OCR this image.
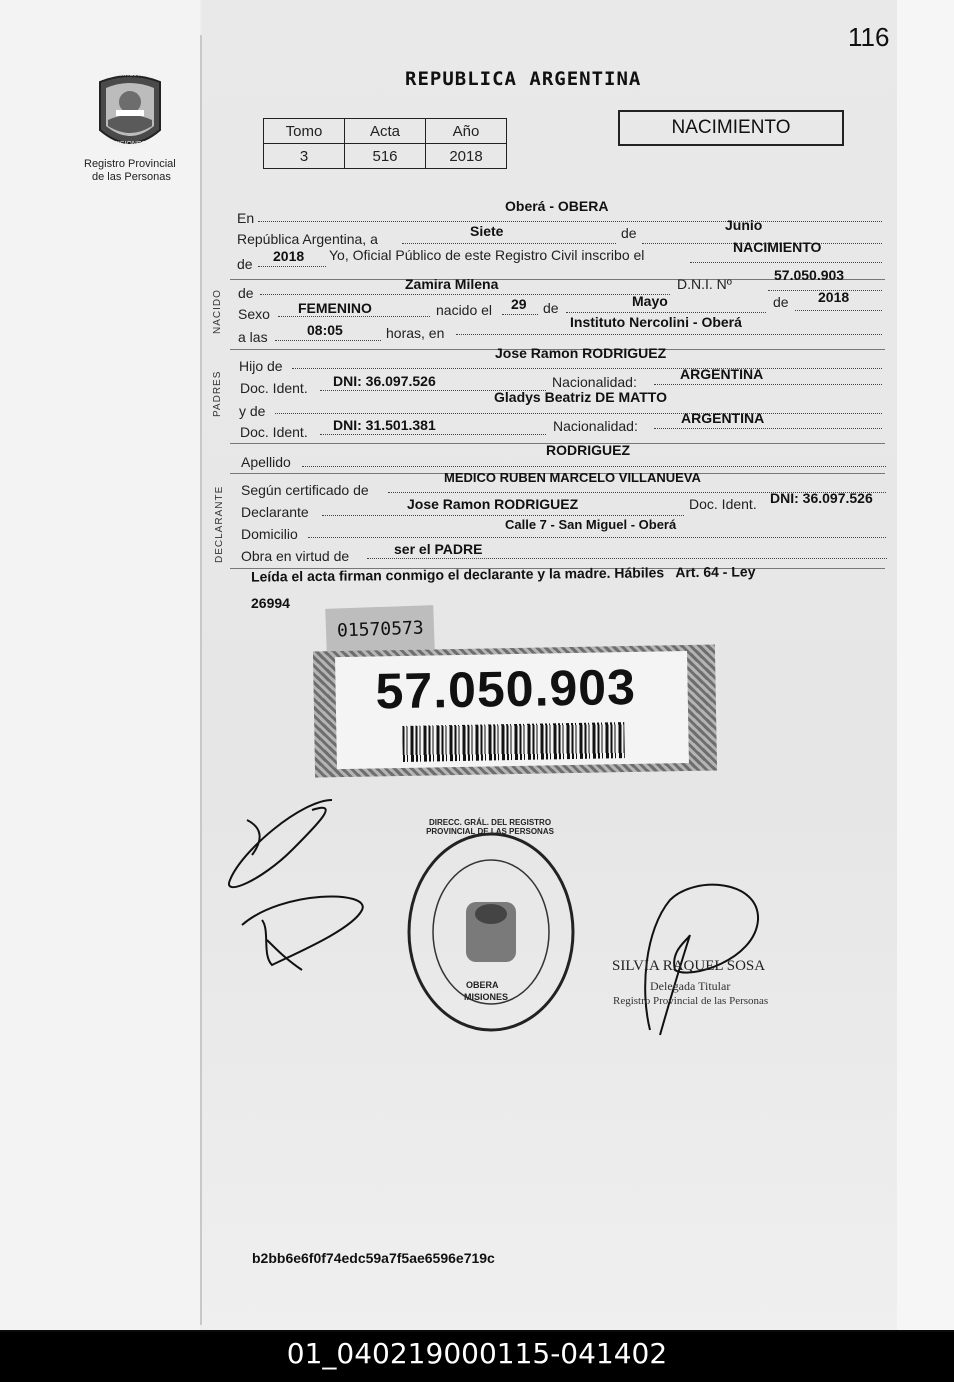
116
PROVINCIA DE
MISIONES
Registro Provincial
de las Personas
REPUBLICA ARGENTINA
Tomo	Acta	Año
3	516	2018
NACIMIENTO
En
Oberá - OBERA
República Argentina, a	Siete	de	Junio
de 2018 Yo, Oficial Público de este Registro Civil inscribo el	NACIMIENTO
NACIDO de
Zamira Milena	D.N.I. Nº
57.050.903
Sexo FEMENINO	nacido el 29 de	Mayo	de 2018
a las	08:05	horas, en
Instituto Nercolini - Oberá
PADRES
Hijo de
Jose Ramon RODRIGUEZ
Doc. Ident. DNI: 36.097.526	Nacionalidad:	ARGENTINA
y de
Gladys Beatriz DE MATTO
Doc. Ident. DNI: 31.501.381	Nacionalidad:	ARGENTINA
Apellido
RODRIGUEZ
DECLARANTE Según certificado de
MEDICO RUBEN MARCELO VILLANUEVA
Declarante	Jose Ramon RODRIGUEZ	Doc. Ident. DNI: 36.097.526
Domicilio
Calle 7 - San Miguel - Oberá
Obra en virtud de	ser el PADRE
Leída el acta firman conmigo el declarante y la madre. Hábiles   Art. 64 - Ley
26994
01570573
57.050.903
DIRECC. GRÁL. DEL REGISTRO PROVINCIAL DE LAS PERSONAS
OBERA
MISIONES
SILVIA RAQUEL SOSA
Delegada Titular
Registro Provincial de las Personas
b2bb6e6f0f74edc59a7f5ae6596e719c
01_040219000115-041402
